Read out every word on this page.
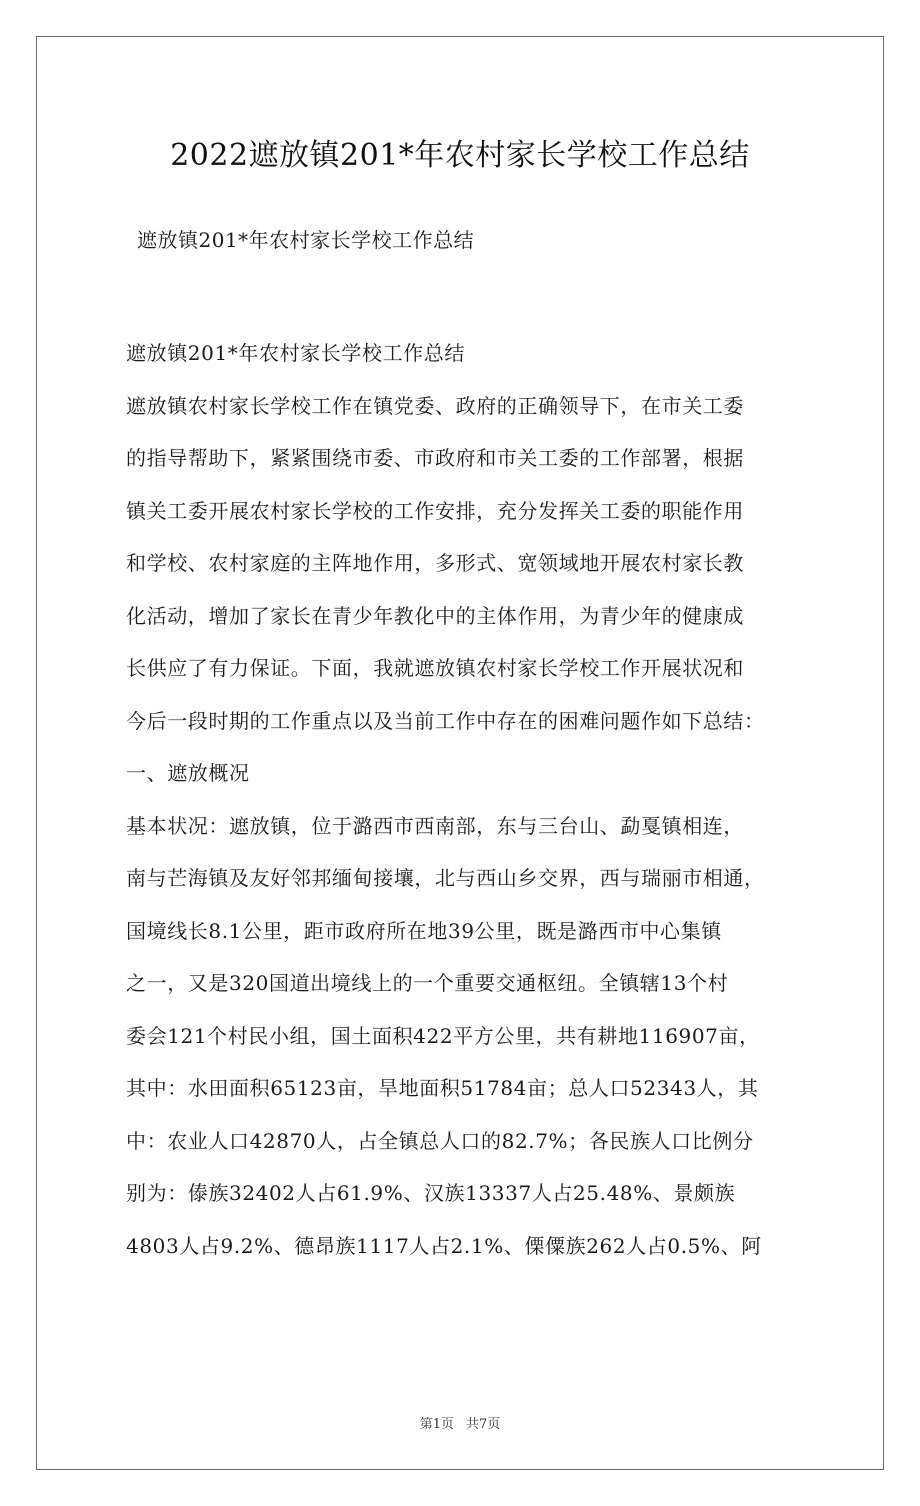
2022遮放镇201*年农村家长学校工作总结
遮放镇201*年农村家长学校工作总结
遮放镇201*年农村家长学校工作总结
遮放镇农村家长学校工作在镇党委、政府的正确领导下，在市关工委
的指导帮助下，紧紧围绕市委、市政府和市关工委的工作部署，根据
镇关工委开展农村家长学校的工作安排，充分发挥关工委的职能作用
和学校、农村家庭的主阵地作用，多形式、宽领域地开展农村家长教
化活动，增加了家长在青少年教化中的主体作用，为青少年的健康成
长供应了有力保证。下面，我就遮放镇农村家长学校工作开展状况和
今后一段时期的工作重点以及当前工作中存在的困难问题作如下总结：
一、遮放概况
基本状况：遮放镇，位于潞西市西南部，东与三台山、勐戛镇相连，
南与芒海镇及友好邻邦缅甸接壤，北与西山乡交界，西与瑞丽市相通，
国境线长8.1公里，距市政府所在地39公里，既是潞西市中心集镇
之一，又是320国道出境线上的一个重要交通枢纽。全镇辖13个村
委会121个村民小组，国土面积422平方公里，共有耕地116907亩，
其中：水田面积65123亩，旱地面积51784亩；总人口52343人，其
中：农业人口42870人，占全镇总人口的82.7%；各民族人口比例分
别为：傣族32402人占61.9%、汉族13337人占25.48%、景颇族
4803人占9.2%、德昂族1117人占2.1%、傈僳族262人占0.5%、阿
第1页 共7页
